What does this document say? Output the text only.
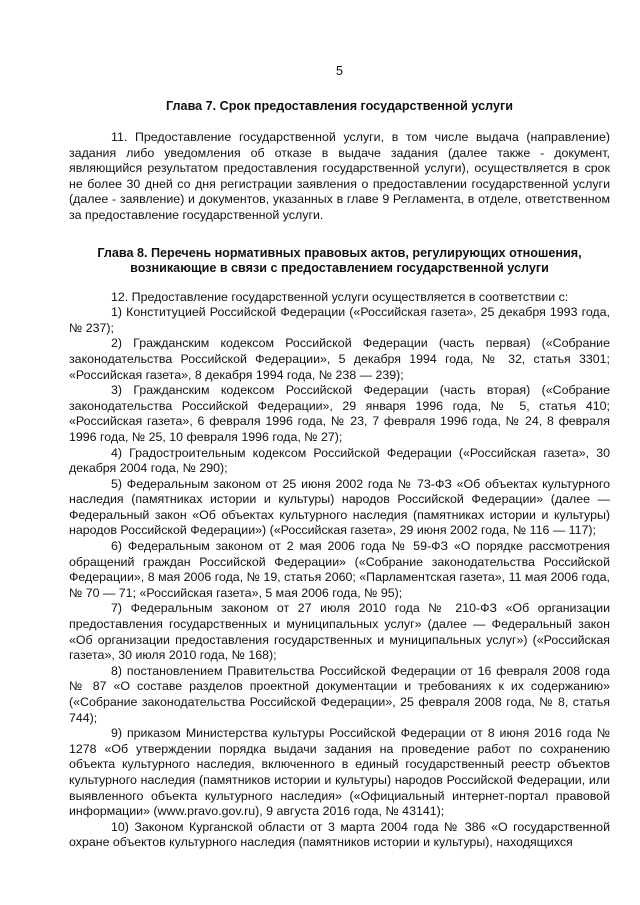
5
Глава 7. Срок предоставления государственной услуги

11. Предоставление государственной услуги, в том числе выдача (направление) задания либо уведомления об отказе в выдаче задания (далее также - документ, являющийся результатом предоставления государственной услуги), осуществляется в срок не более 30 дней со дня регистрации заявления о предоставлении государственной услуги (далее - заявление) и документов, указанных в главе 9 Регламента, в отделе, ответственном за предоставление государственной услуги.

Глава 8. Перечень нормативных правовых актов, регулирующих отношения, возникающие в связи с предоставлением государственной услуги

12. Предоставление государственной услуги осуществляется в соответствии с:

1) Конституцией Российской Федерации («Российская газета», 25 декабря 1993 года, № 237);

2) Гражданским кодексом Российской Федерации (часть первая) («Собрание законодательства Российской Федерации», 5 декабря 1994 года, № 32, статья 3301; «Российская газета», 8 декабря 1994 года, № 238 — 239);

3) Гражданским кодексом Российской Федерации (часть вторая) («Собрание законодательства Российской Федерации», 29 января 1996 года, № 5, статья 410; «Российская газета», 6 февраля 1996 года, № 23, 7 февраля 1996 года, № 24, 8 февраля 1996 года, № 25, 10 февраля 1996 года, № 27);

4) Градостроительным кодексом Российской Федерации («Российская газета», 30 декабря 2004 года, № 290);

5) Федеральным законом от 25 июня 2002 года № 73-ФЗ «Об объектах культурного наследия (памятниках истории и культуры) народов Российской Федерации» (далее — Федеральный закон «Об объектах культурного наследия (памятниках истории и культуры) народов Российской Федерации») («Российская газета», 29 июня 2002 года, № 116 — 117);

6) Федеральным законом от 2 мая 2006 года № 59-ФЗ «О порядке рассмотрения обращений граждан Российской Федерации» («Собрание законодательства Российской Федерации», 8 мая 2006 года, № 19, статья 2060; «Парламентская газета», 11 мая 2006 года, № 70 — 71; «Российская газета», 5 мая 2006 года, № 95);

7) Федеральным законом от 27 июля 2010 года № 210-ФЗ «Об организации предоставления государственных и муниципальных услуг» (далее — Федеральный закон «Об организации предоставления государственных и муниципальных услуг») («Российская газета», 30 июля 2010 года, № 168);

8) постановлением Правительства Российской Федерации от 16 февраля 2008 года № 87 «О составе разделов проектной документации и требованиях к их содержанию» («Собрание законодательства Российской Федерации», 25 февраля 2008 года, № 8, статья 744);

9) приказом Министерства культуры Российской Федерации от 8 июня 2016 года № 1278 «Об утверждении порядка выдачи задания на проведение работ по сохранению объекта культурного наследия, включенного в единый государственный реестр объектов культурного наследия (памятников истории и культуры) народов Российской Федерации, или выявленного объекта культурного наследия» («Официальный интернет-портал правовой информации» (www.pravo.gov.ru), 9 августа 2016 года, № 43141);

10) Законом Курганской области от 3 марта 2004 года № 386 «О государственной охране объектов культурного наследия (памятников истории и культуры), находящихся
